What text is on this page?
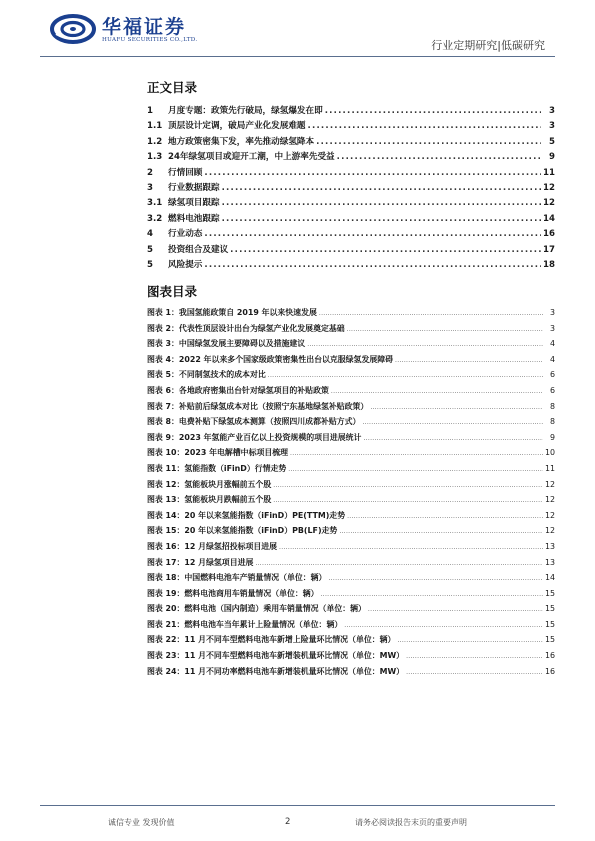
华福证券
HUAFU SECURITIES CO.,LTD.	行业定期研究|低碳研究
正文目录
1	月度专题：政策先行破局，绿氢爆发在即 .....	3
1.1 顶层设计定调，破局产业化发展难题 .....	3
1.2 地方政策密集下发，率先推动绿氢降本 .....	5
1.3 24年绿氢项目或迎开工潮，中上游率先受益 .....	9
2	行情回顾 .....	11
3	行业数据跟踪 .....	12
3.1 绿氢项目跟踪 .....	12
3.2 燃料电池跟踪 .....	14
4	行业动态 .....	16
5	投资组合及建议 .....	17
5	风险提示 .....	18
图表目录
图表 1： 我国氢能政策自 2019 年以来快速发展 .....	3
图表 2： 代表性顶层设计出台为绿氢产业化发展奠定基础 .....	3
图表 3： 中国绿氢发展主要障碍以及措施建议 .....	4
图表 4： 2022 年以来多个国家级政策密集性出台以克服绿氢发展障碍 .....	4
图表 5： 不同制氢技术的成本对比 .....	6
图表 6： 各地政府密集出台针对绿氢项目的补贴政策 .....	6
图表 7： 补贴前后绿氢成本对比（按照宁东基地绿氢补贴政策） .....	8
图表 8： 电费补贴下绿氢成本测算（按照四川成都补贴方式） .....	8
图表 9： 2023 年氢能产业百亿以上投资规模的项目进展统计 .....	9
图表 10： 2023 年电解槽中标项目梳理 .....	10
图表 11： 氢能指数（iFinD）行情走势 .....	11
图表 12： 氢能板块月涨幅前五个股 .....	12
图表 13： 氢能板块月跌幅前五个股 .....	12
图表 14： 20 年以来氢能指数（iFinD）PE(TTM)走势 .....	12
图表 15： 20 年以来氢能指数（iFinD）PB(LF)走势 .....	12
图表 16： 12 月绿氢招投标项目进展 .....	13
图表 17： 12 月绿氢项目进展 .....	13
图表 18： 中国燃料电池车产销量情况（单位：辆） .....	14
图表 19： 燃料电池商用车销量情况（单位：辆） .....	15
图表 20： 燃料电池（国内制造）乘用车销量情况（单位：辆） .....	15
图表 21： 燃料电池车当年累计上险量情况（单位：辆） .....	15
图表 22： 11 月不同车型燃料电池车新增上险量环比情况（单位：辆） .....	15
图表 23： 11 月不同车型燃料电池车新增装机量环比情况（单位：MW） .....	16
图表 24： 11 月不同功率燃料电池车新增装机量环比情况（单位：MW） .....	16
诚信专业 发现价值	2	请务必阅读报告末页的重要声明
